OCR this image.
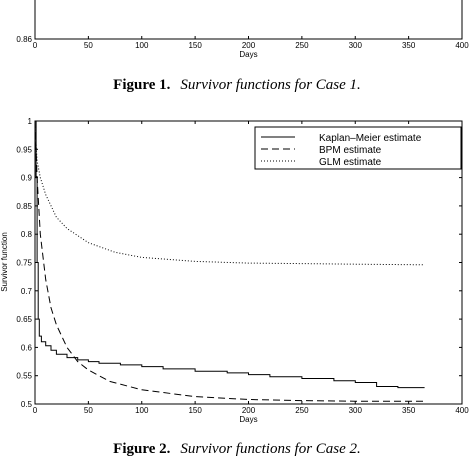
0	50	100	150	200	250	300	350	400
0.86
Days
0	50	100	150	200	250	300	350	400
0.5
0.55
0.6
0.65
0.7
0.75
0.8
0.85
0.9
0.95
1
Kaplan–Meier estimate
BPM estimate
GLM estimate
Days
Survivor function
Figure 1. Survivor functions for Case 1.
Figure 2. Survivor functions for Case 2.
